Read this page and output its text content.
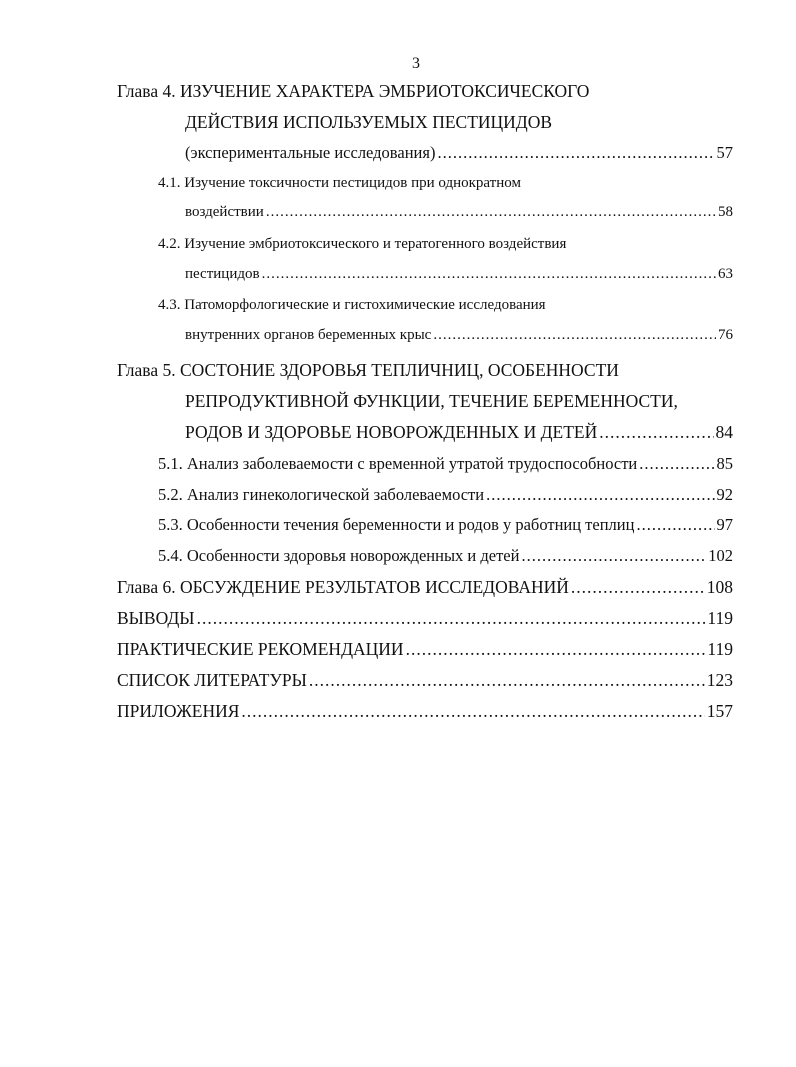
3
Глава 4. ИЗУЧЕНИЕ ХАРАКТЕРА ЭМБРИОТОКСИЧЕСКОГО
ДЕЙСТВИЯ ИСПОЛЬЗУЕМЫХ ПЕСТИЦИДОВ
(экспериментальные исследования) .....	57
4.1. Изучение токсичности пестицидов при однократном
воздействии .....	58
4.2. Изучение эмбриотоксического и тератогенного воздействия
пестицидов .....	63
4.3. Патоморфологические и гистохимические исследования
внутренних органов беременных крыс .....	76
Глава 5. СОСТОНИЕ ЗДОРОВЬЯ ТЕПЛИЧНИЦ, ОСОБЕННОСТИ
РЕПРОДУКТИВНОЙ ФУНКЦИИ, ТЕЧЕНИЕ БЕРЕМЕННОСТИ,
РОДОВ И ЗДОРОВЬЕ НОВОРОЖДЕННЫХ И ДЕТЕЙ .....	84
5.1. Анализ заболеваемости с временной утратой трудоспособности .....	85
5.2. Анализ гинекологической заболеваемости .....	92
5.3. Особенности течения беременности и родов у работниц теплиц .....	97
5.4. Особенности здоровья новорожденных и детей .....	102
Глава 6. ОБСУЖДЕНИЕ РЕЗУЛЬТАТОВ ИССЛЕДОВАНИЙ .....	108
ВЫВОДЫ .....	119
ПРАКТИЧЕСКИЕ РЕКОМЕНДАЦИИ .....	119
СПИСОК ЛИТЕРАТУРЫ .....	123
ПРИЛОЖЕНИЯ .....	157
